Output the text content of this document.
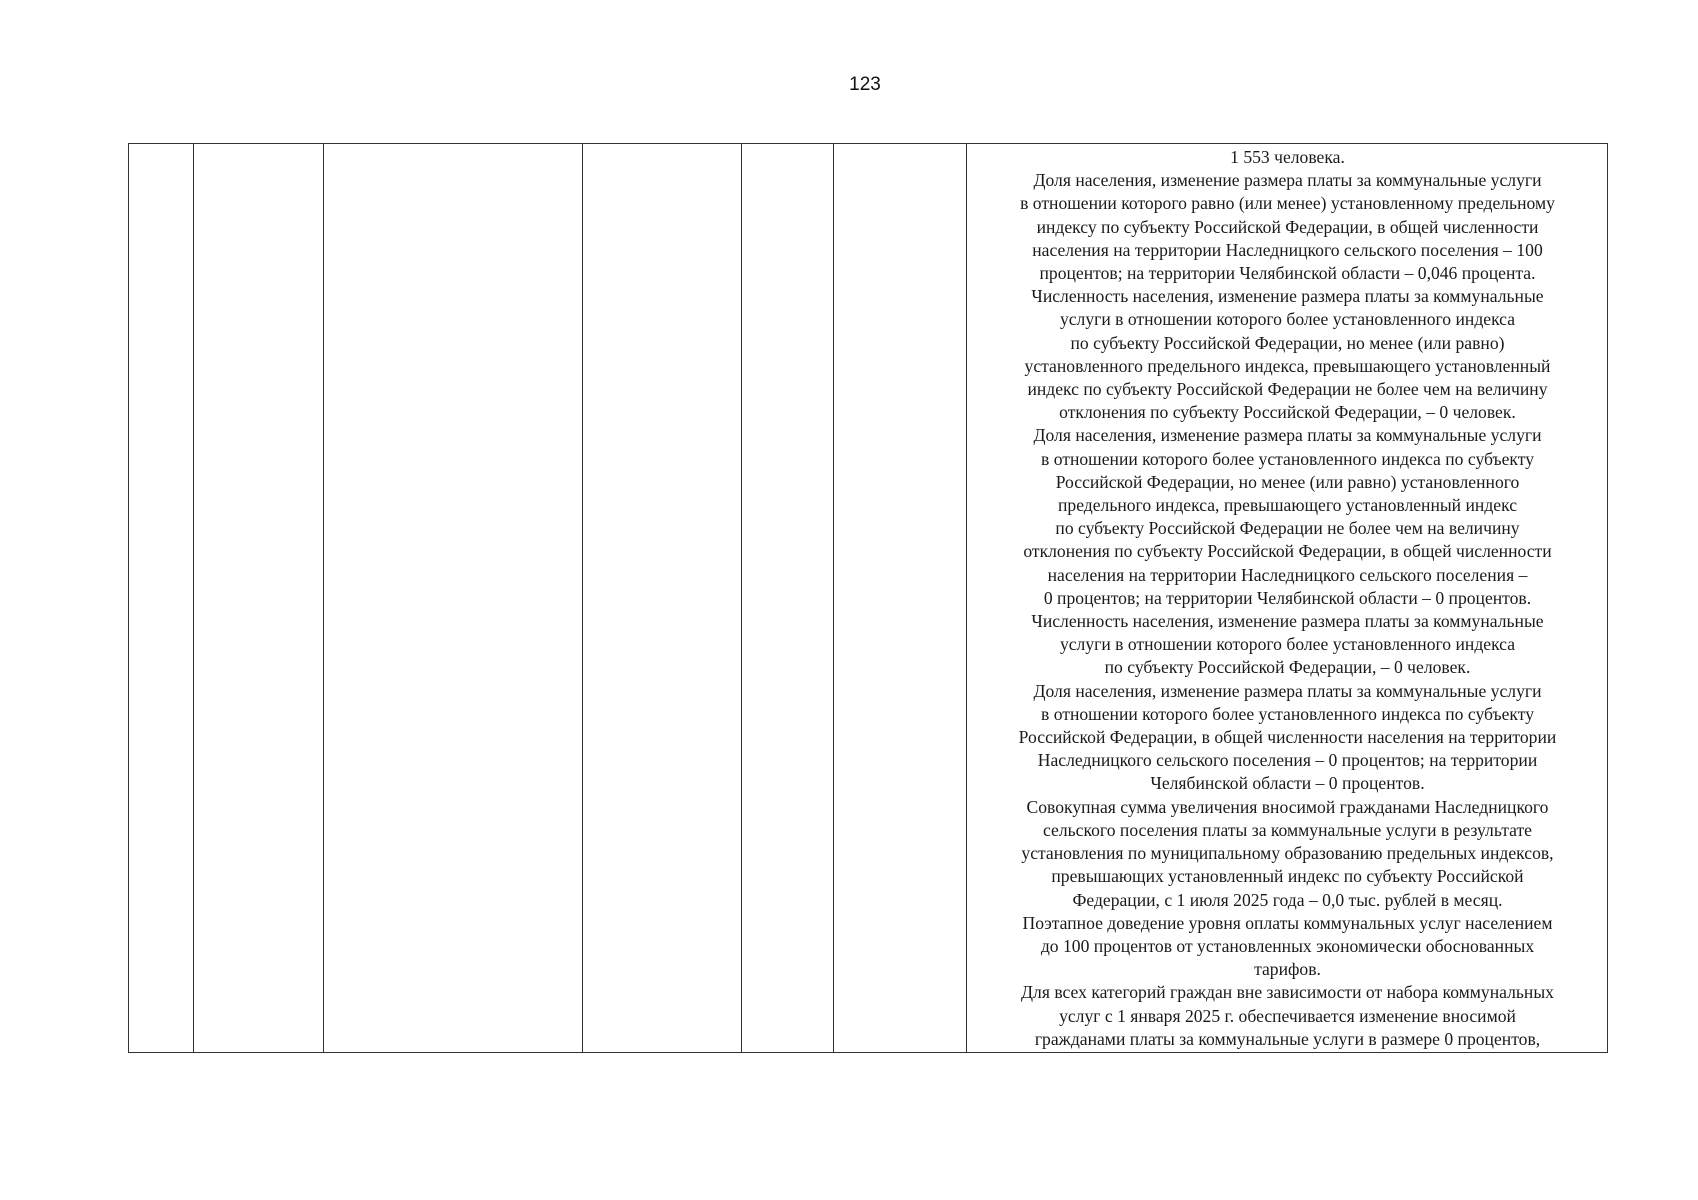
123
1 553 человека.
Доля населения, изменение размера платы за коммунальные услуги
в отношении которого равно (или менее) установленному предельному
индексу по субъекту Российской Федерации, в общей численности
населения на территории Наследницкого сельского поселения – 100
процентов; на территории Челябинской области – 0,046 процента.
Численность населения, изменение размера платы за коммунальные
услуги в отношении которого более установленного индекса
по субъекту Российской Федерации, но менее (или равно)
установленного предельного индекса, превышающего установленный
индекс по субъекту Российской Федерации не более чем на величину
отклонения по субъекту Российской Федерации, – 0 человек.
Доля населения, изменение размера платы за коммунальные услуги
в отношении которого более установленного индекса по субъекту
Российской Федерации, но менее (или равно) установленного
предельного индекса, превышающего установленный индекс
по субъекту Российской Федерации не более чем на величину
отклонения по субъекту Российской Федерации, в общей численности
населения на территории Наследницкого сельского поселения –
0 процентов; на территории Челябинской области – 0 процентов.
Численность населения, изменение размера платы за коммунальные
услуги в отношении которого более установленного индекса
по субъекту Российской Федерации, – 0 человек.
Доля населения, изменение размера платы за коммунальные услуги
в отношении которого более установленного индекса по субъекту
Российской Федерации, в общей численности населения на территории
Наследницкого сельского поселения – 0 процентов; на территории
Челябинской области – 0 процентов.
Совокупная сумма увеличения вносимой гражданами Наследницкого
сельского поселения платы за коммунальные услуги в результате
установления по муниципальному образованию предельных индексов,
превышающих установленный индекс по субъекту Российской
Федерации, с 1 июля 2025 года – 0,0 тыс. рублей в месяц.
Поэтапное доведение уровня оплаты коммунальных услуг населением
до 100 процентов от установленных экономически обоснованных
тарифов.
Для всех категорий граждан вне зависимости от набора коммунальных
услуг с 1 января 2025 г. обеспечивается изменение вносимой
гражданами платы за коммунальные услуги в размере 0 процентов,
